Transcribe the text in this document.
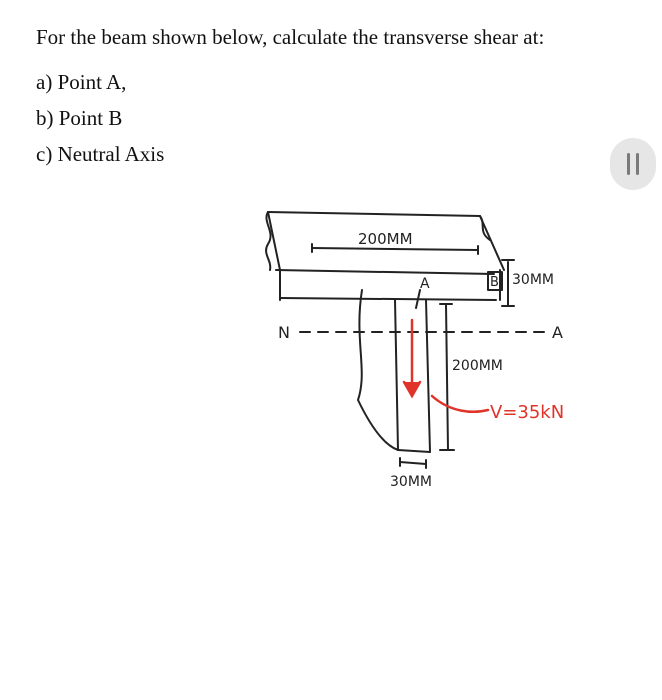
For the beam shown below, calculate the transverse shear at:

a) Point A,
b) Point B
c) Neutral Axis
200MM
30MM
200MM
30MM
A	B
N	A
V=35kN
